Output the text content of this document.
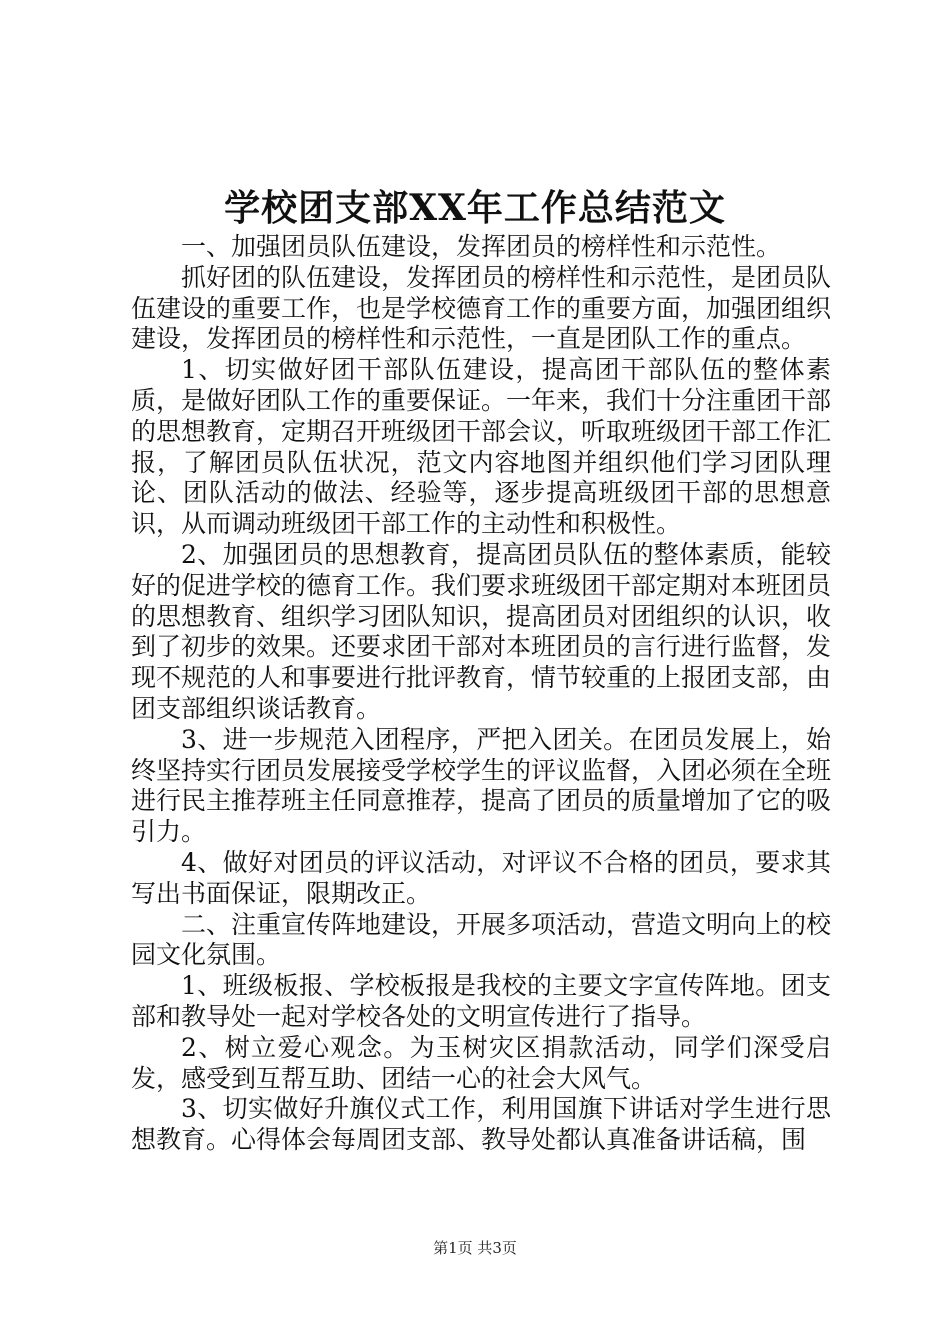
学校团支部XX年工作总结范文

一、加强团员队伍建设，发挥团员的榜样性和示范性。

抓好团的队伍建设，发挥团员的榜样性和示范性，是团员队伍建设的重要工作，也是学校德育工作的重要方面，加强团组织建设，发挥团员的榜样性和示范性，一直是团队工作的重点。

1、切实做好团干部队伍建设，提高团干部队伍的整体素质，是做好团队工作的重要保证。一年来，我们十分注重团干部的思想教育，定期召开班级团干部会议，听取班级团干部工作汇报，了解团员队伍状况，范文内容地图并组织他们学习团队理论、团队活动的做法、经验等，逐步提高班级团干部的思想意识，从而调动班级团干部工作的主动性和积极性。

2、加强团员的思想教育，提高团员队伍的整体素质，能较好的促进学校的德育工作。我们要求班级团干部定期对本班团员的思想教育、组织学习团队知识，提高团员对团组织的认识，收到了初步的效果。还要求团干部对本班团员的言行进行监督，发现不规范的人和事要进行批评教育，情节较重的上报团支部，由团支部组织谈话教育。

3、进一步规范入团程序，严把入团关。在团员发展上，始终坚持实行团员发展接受学校学生的评议监督，入团必须在全班进行民主推荐班主任同意推荐，提高了团员的质量增加了它的吸引力。

4、做好对团员的评议活动，对评议不合格的团员，要求其写出书面保证，限期改正。

二、注重宣传阵地建设，开展多项活动，营造文明向上的校园文化氛围。

1、班级板报、学校板报是我校的主要文字宣传阵地。团支部和教导处一起对学校各处的文明宣传进行了指导。

2、树立爱心观念。为玉树灾区捐款活动，同学们深受启发，感受到互帮互助、团结一心的社会大风气。

3、切实做好升旗仪式工作，利用国旗下讲话对学生进行思想教育。心得体会每周团支部、教导处都认真准备讲话稿，围

第1页 共3页
